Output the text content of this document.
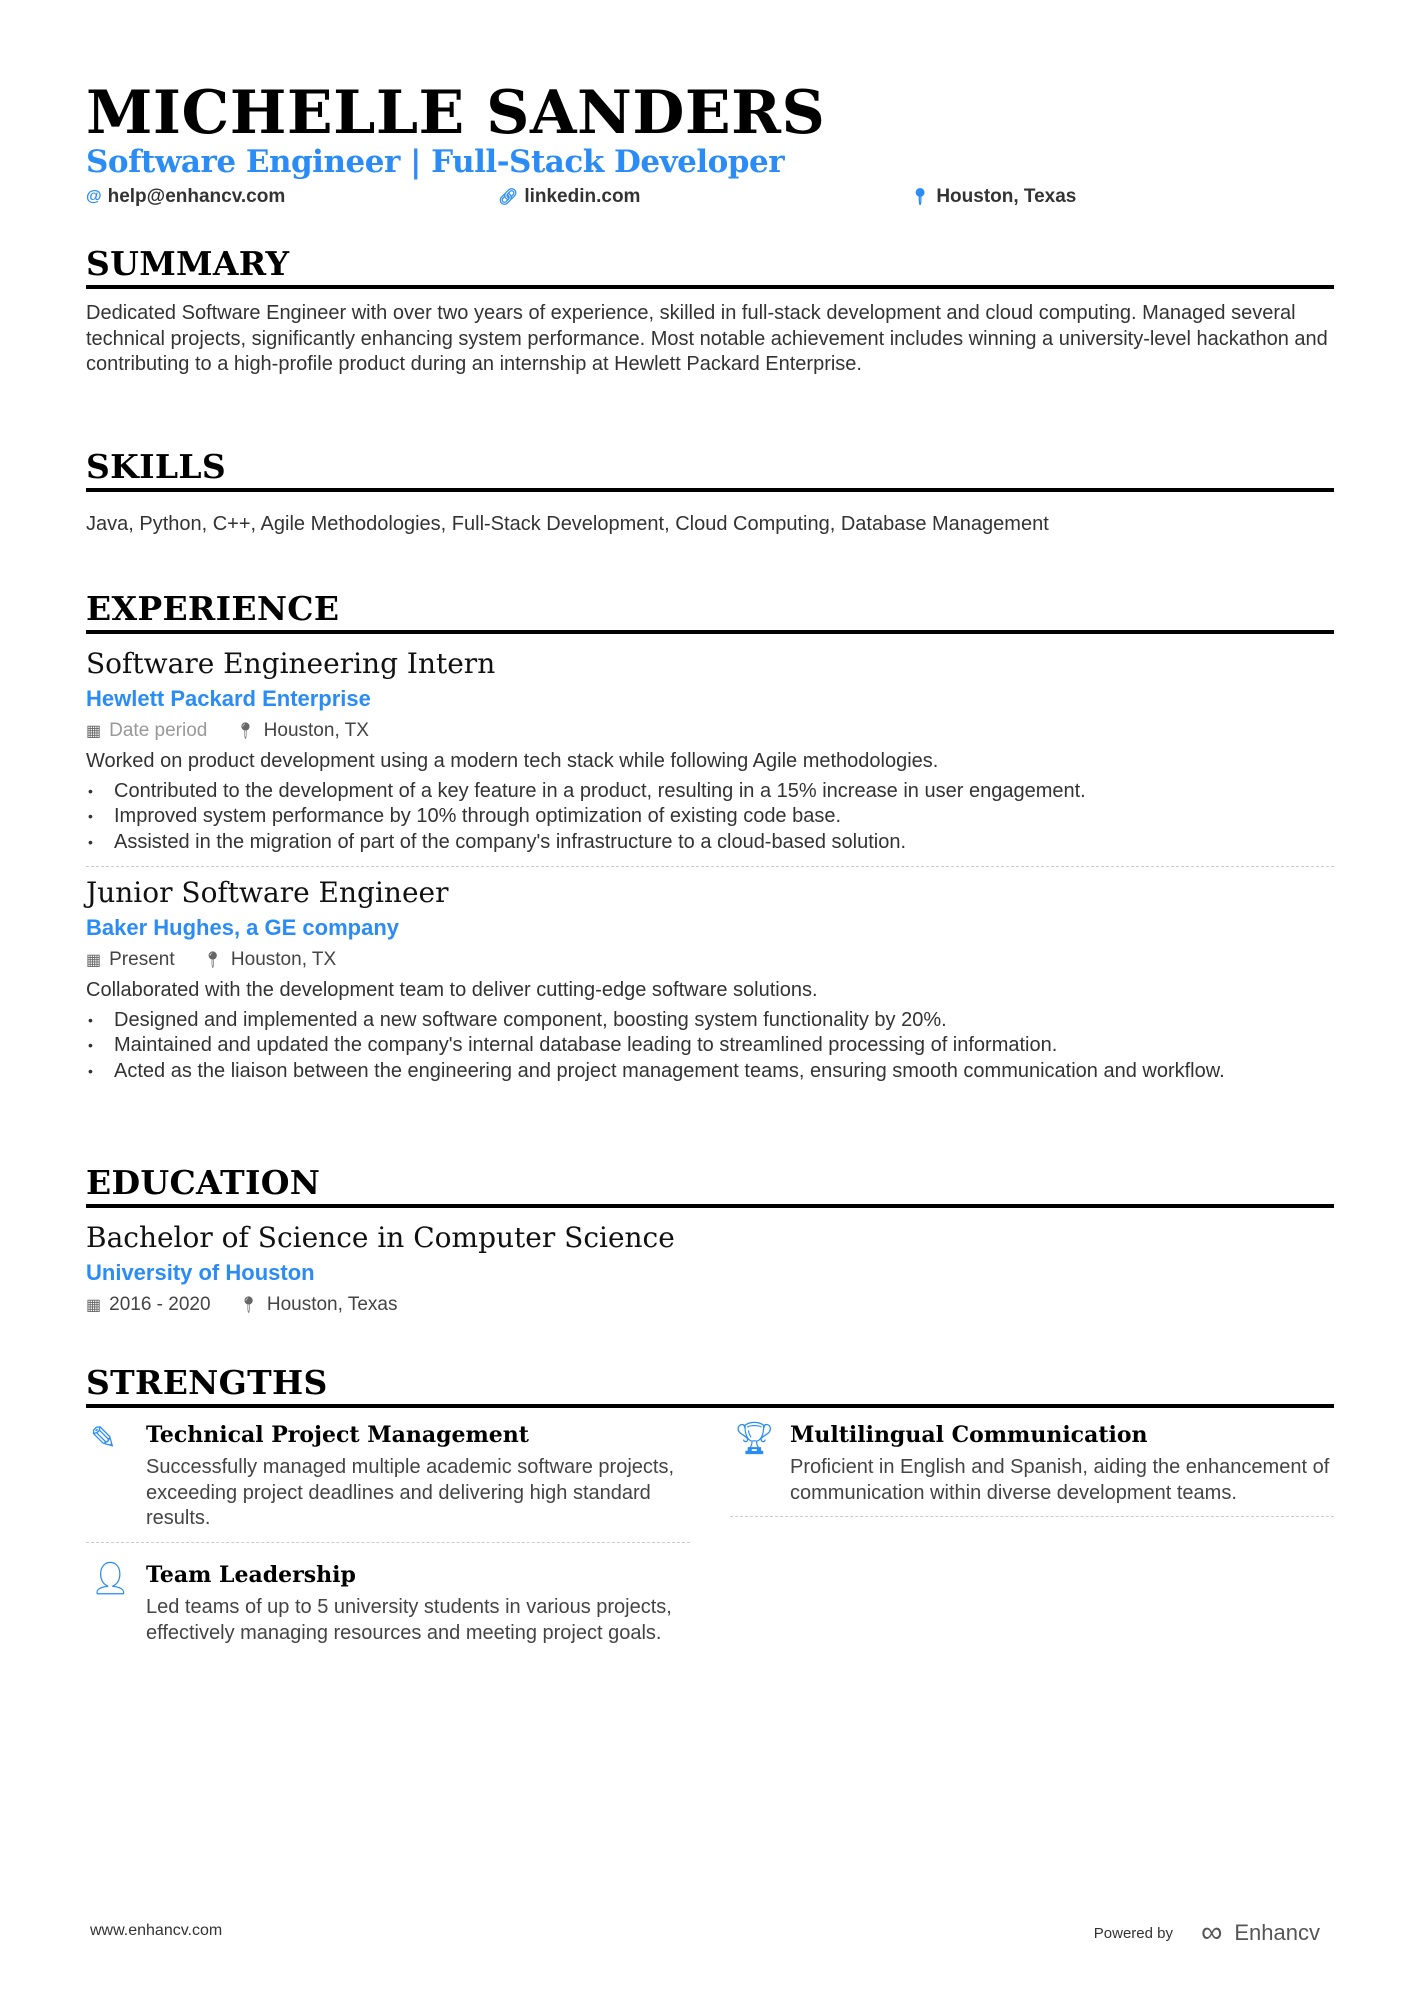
MICHELLE SANDERS
Software Engineer | Full-Stack Developer
@ help@enhancv.com	🔗︎ linkedin.com	📍︎ Houston, Texas
SUMMARY
Dedicated Software Engineer with over two years of experience, skilled in full-stack development and cloud computing. Managed several technical projects, significantly enhancing system performance. Most notable achievement includes winning a university-level hackathon and contributing to a high-profile product during an internship at Hewlett Packard Enterprise.
SKILLS
Java, Python, C++, Agile Methodologies, Full-Stack Development, Cloud Computing, Database Management
EXPERIENCE
Software Engineering Intern
Hewlett Packard Enterprise
▦ Date period 📍︎ Houston, TX
Worked on product development using a modern tech stack while following Agile methodologies.
• Contributed to the development of a key feature in a product, resulting in a 15% increase in user engagement.
• Improved system performance by 10% through optimization of existing code base.
• Assisted in the migration of part of the company's infrastructure to a cloud-based solution.
Junior Software Engineer
Baker Hughes, a GE company
▦ Present 📍︎ Houston, TX
Collaborated with the development team to deliver cutting-edge software solutions.
• Designed and implemented a new software component, boosting system functionality by 20%.
• Maintained and updated the company's internal database leading to streamlined processing of information.
• Acted as the liaison between the engineering and project management teams, ensuring smooth communication and workflow.
EDUCATION
Bachelor of Science in Computer Science
University of Houston
▦ 2016 - 2020 📍︎ Houston, Texas
STRENGTHS
✎ Technical Project Management
Successfully managed multiple academic software projects, exceeding project deadlines and delivering high standard results.
🏆︎ Multilingual Communication
Proficient in English and Spanish, aiding the enhancement of communication within diverse development teams.
👤︎ Team Leadership
Led teams of up to 5 university students in various projects, effectively managing resources and meeting project goals.
www.enhancv.com	Powered by ∞ Enhancv
